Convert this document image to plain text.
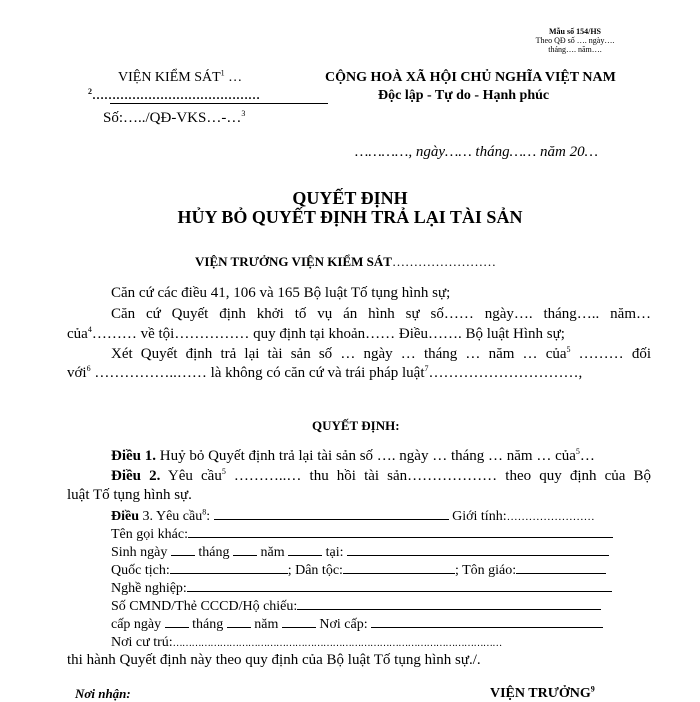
Mẫu số 154/HS
Theo QĐ số …. ngày….
tháng…. năm….
VIỆN KIỂM SÁT$^1$ …
$^2$……………………………………
Số:…../QĐ-VKS…-…$^3$
CỘNG HOÀ XÃ HỘI CHỦ NGHĨA VIỆT NAM
Độc lập - Tự do - Hạnh phúc
…………, ngày…… tháng…… năm 20…
QUYẾT ĐỊNH
HỦY BỎ QUYẾT ĐỊNH TRẢ LẠI TÀI SẢN
VIỆN TRƯỞNG VIỆN KIỂM SÁT……………………
Căn cứ các điều 41, 106 và 165 Bộ luật Tố tụng hình sự;
Căn cứ Quyết định khởi tố vụ án hình sự số…… ngày…. tháng….. năm…
của$^4$……… về tội…………… quy định tại khoản…… Điều……. Bộ luật Hình sự;
Xét Quyết định trả lại tài sản số … ngày … tháng … năm … của$^5$ ……… đối
với$^6$ ……………..…… là không có căn cứ và trái pháp luật$^7$…………………………,
QUYẾT ĐỊNH:
Điều 1. Huỷ bỏ Quyết định trả lại tài sản số …. ngày … tháng … năm … của$^5$…
Điều 2. Yêu cầu$^5$ ………..… thu hồi tài sản……………… theo quy định của Bộ
luật Tố tụng hình sự.
Điều 3. Yêu cầu$^8$:	Giới tính:……………………
Tên gọi khác:
Sinh ngày tháng năm	tại:
Quốc tịch:	; Dân tộc:	; Tôn giáo:
Nghề nghiệp:
Số CMND/Thẻ CCCD/Hộ chiếu:
cấp ngày tháng năm	Nơi cấp:
Nơi cư trú:……………………………………………………………………………………………
thi hành Quyết định này theo quy định của Bộ luật Tố tụng hình sự./.
Nơi nhận:	VIỆN TRƯỞNG$^9$
